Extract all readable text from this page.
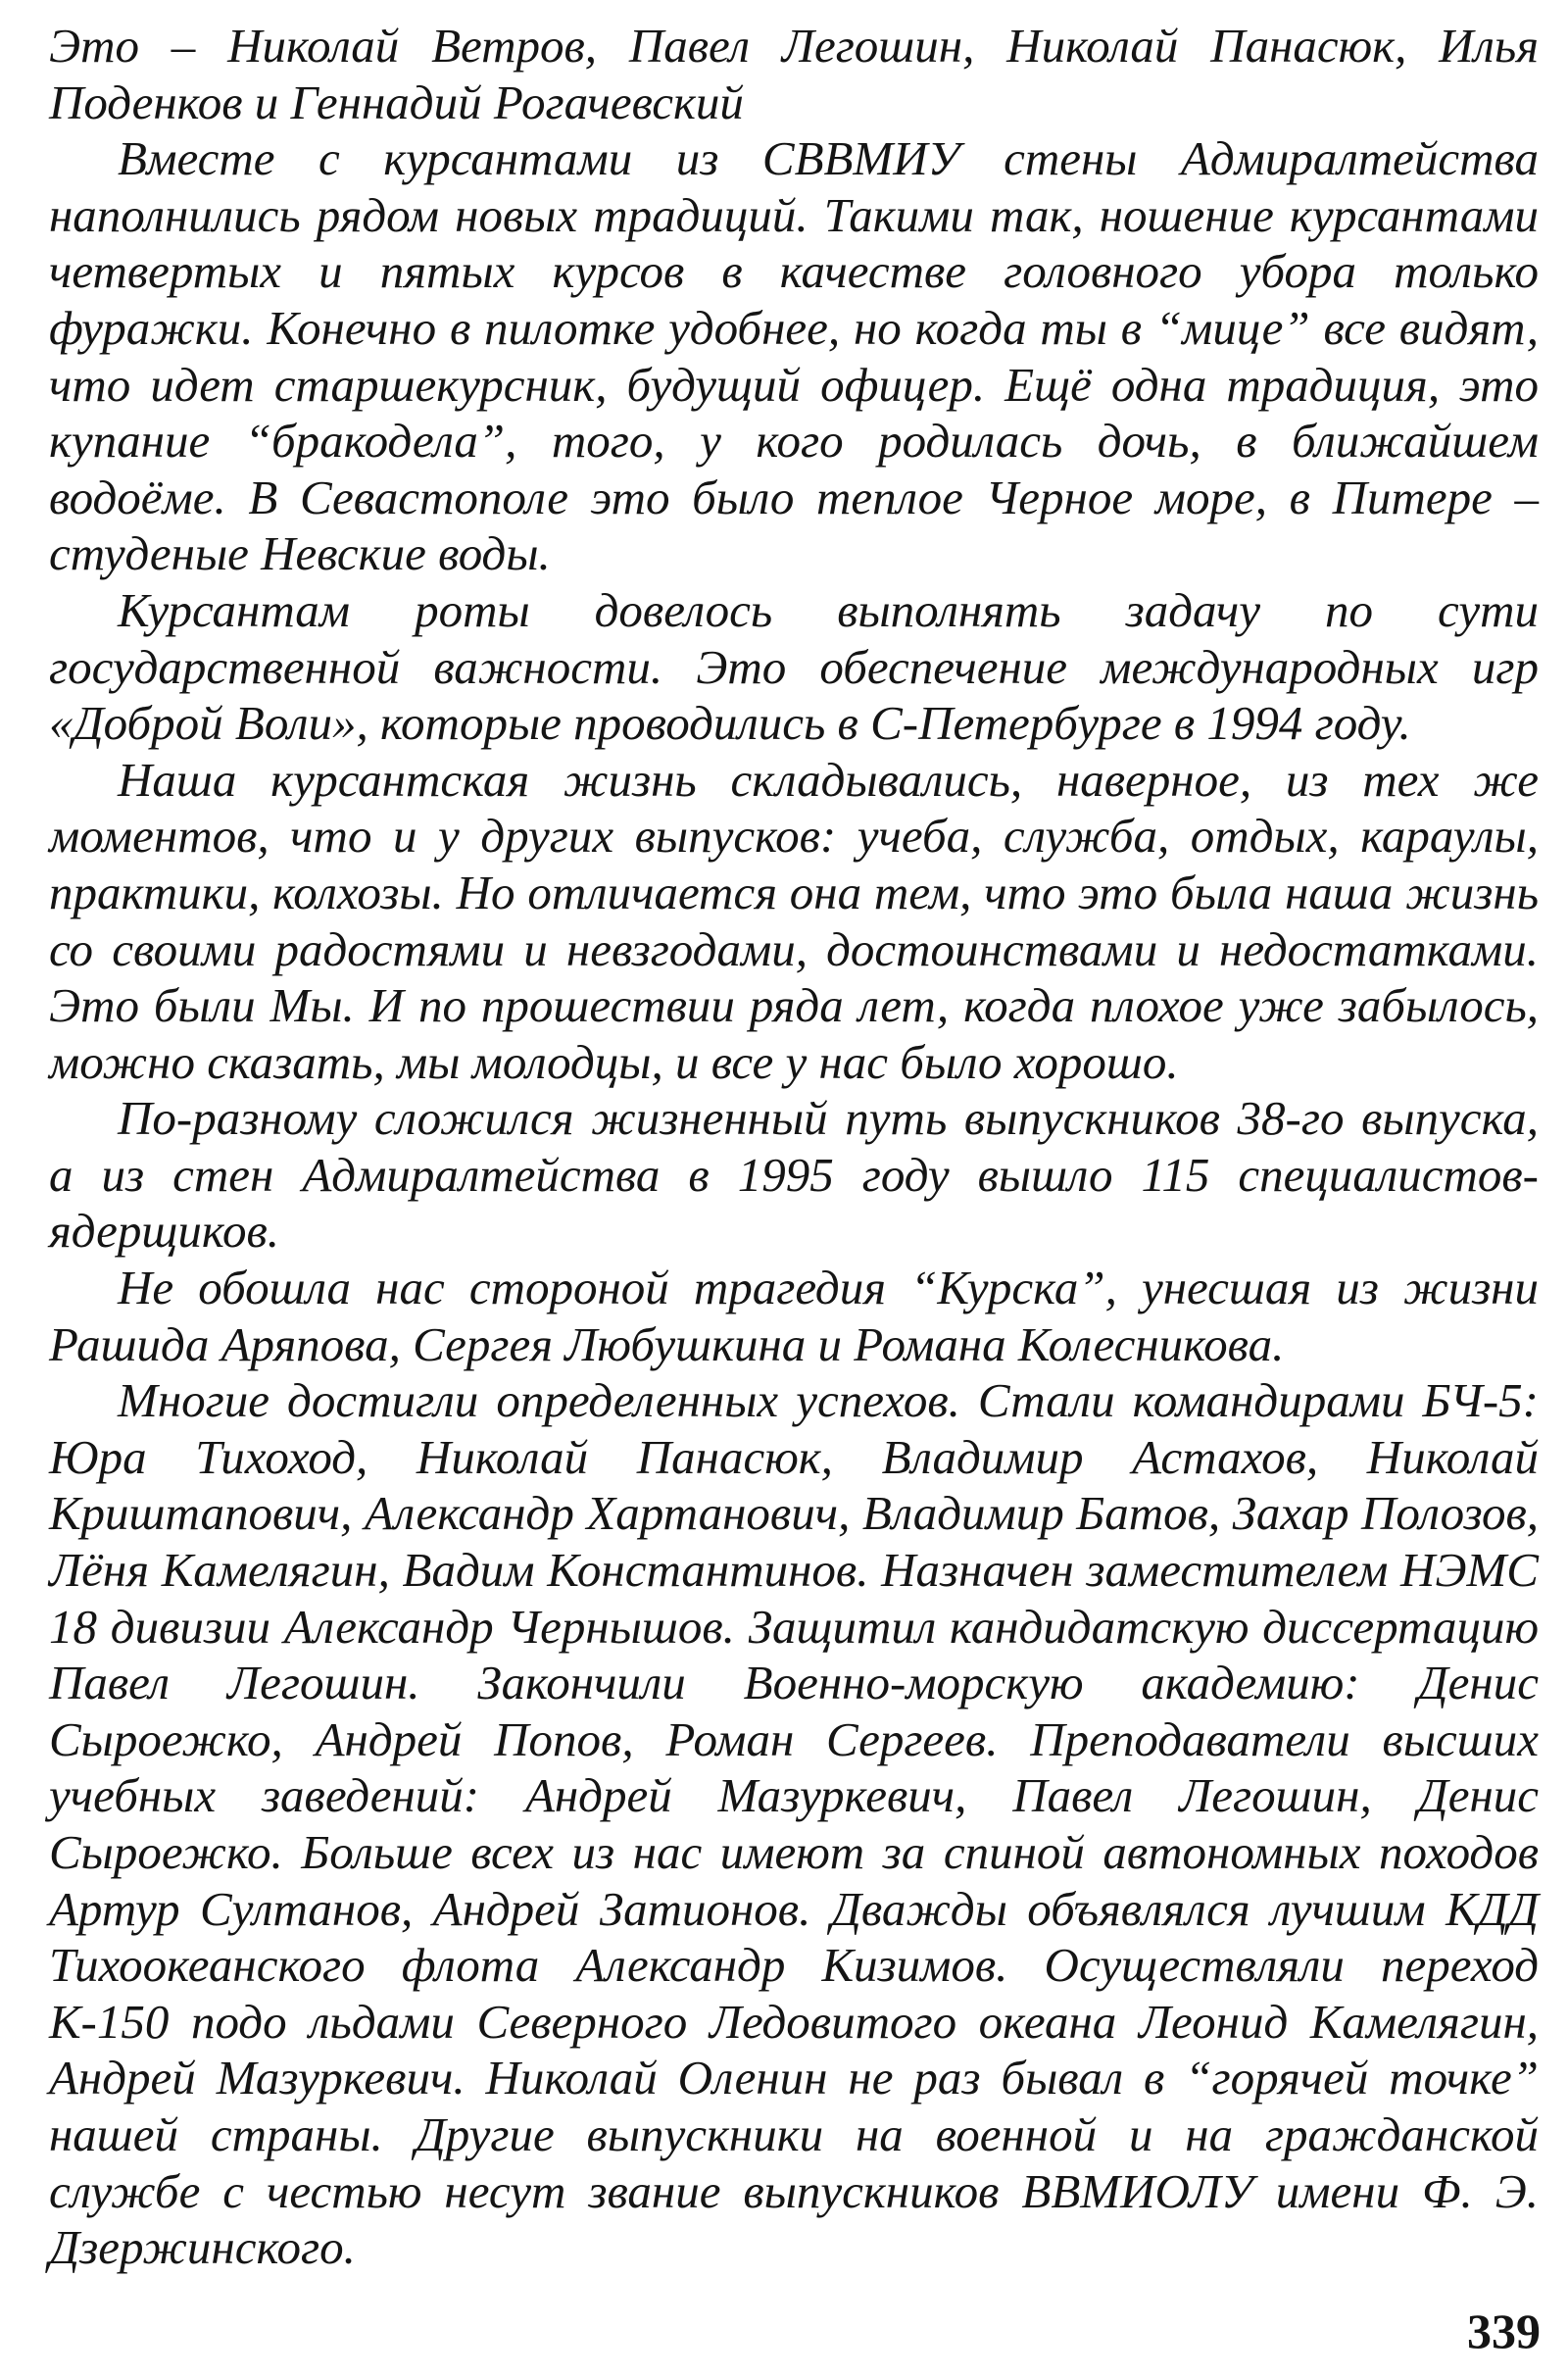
Это – Николай Ветров, Павел Легошин, Николай Панасюк, Илья Поденков и Геннадий Рогачевский

Вместе с курсантами из СВВМИУ стены Адмиралтейства наполнились рядом новых традиций. Такими так, ношение курсантами четвертых и пятых курсов в качестве головного убора только фуражки. Конечно в пилотке удобнее, но когда ты в “мице” все видят, что идет старшекурсник, будущий офицер. Ещё одна традиция, это купание “бракодела”, того, у кого родилась дочь, в ближайшем водоёме. В Севастополе это было теплое Черное море, в Питере – студеные Невские воды.

Курсантам роты довелось выполнять задачу по сути государственной важности. Это обеспечение международных игр «Доброй Воли», которые проводились в С-Петербурге в 1994 году.

Наша курсантская жизнь складывались, наверное, из тех же моментов, что и у других выпусков: учеба, служба, отдых, караулы, практики, колхозы. Но отличается она тем, что это была наша жизнь со своими радостями и невзгодами, достоинствами и недостатками. Это были Мы. И по прошествии ряда лет, когда плохое уже забылось, можно сказать, мы молодцы, и все у нас было хорошо.

По-разному сложился жизненный путь выпускников 38-го выпуска, а из стен Адмиралтейства в 1995 году вышло 115 специалистов-ядерщиков.

Не обошла нас стороной трагедия “Курска”, унесшая из жизни Рашида Аряпова, Сергея Любушкина и Романа Колесникова.

Многие достигли определенных успехов. Стали командирами БЧ-5: Юра Тихоход, Николай Панасюк, Владимир Астахов, Николай Криштапович, Александр Хартанович, Владимир Батов, Захар Полозов, Лёня Камелягин, Вадим Константинов. Назначен заместителем НЭМС 18 дивизии Александр Чернышов. Защитил кандидатскую диссертацию Павел Легошин. Закончили Военно-морскую академию: Денис Сыроежко, Андрей Попов, Роман Сергеев. Преподаватели высших учебных заведений: Андрей Мазуркевич, Павел Легошин, Денис Сыроежко. Больше всех из нас имеют за спиной автономных походов Артур Султанов, Андрей Затионов. Дважды объявлялся лучшим КДД Тихоокеанского флота Александр Кизимов. Осуществляли переход К-150 подо льдами Северного Ледовитого океана Леонид Камелягин, Андрей Мазуркевич. Николай Оленин не раз бывал в “горячей точке” нашей страны. Другие выпускники на военной и на гражданской службе с честью несут звание выпускников ВВМИОЛУ имени Ф. Э. Дзержинского.

339
